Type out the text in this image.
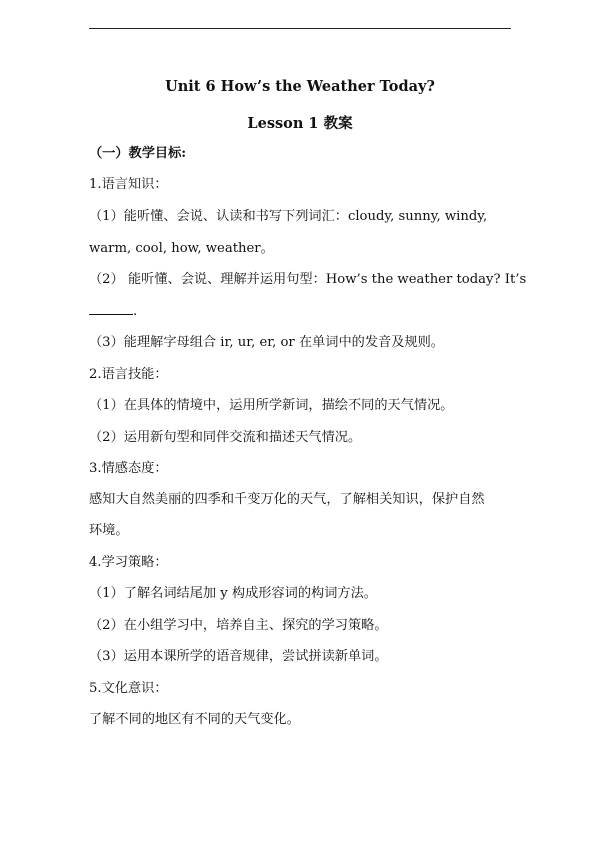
Unit 6 How’s the Weather Today?
Lesson 1 教案
（一）教学目标:
1.语言知识：
（1）能听懂、会说、认读和书写下列词汇：cloudy, sunny, windy,
warm, cool, how, weather。
（2） 能听懂、会说、理解并运用句型：How’s the weather today? It’s
.
（3）能理解字母组合 ir, ur, er, or 在单词中的发音及规则。
2.语言技能：
（1）在具体的情境中，运用所学新词，描绘不同的天气情况。
（2）运用新句型和同伴交流和描述天气情况。
3.情感态度：
感知大自然美丽的四季和千变万化的天气，了解相关知识，保护自然
环境。
4.学习策略：
（1）了解名词结尾加 y 构成形容词的构词方法。
（2）在小组学习中，培养自主、探究的学习策略。
（3）运用本课所学的语音规律，尝试拼读新单词。
5.文化意识：
了解不同的地区有不同的天气变化。
